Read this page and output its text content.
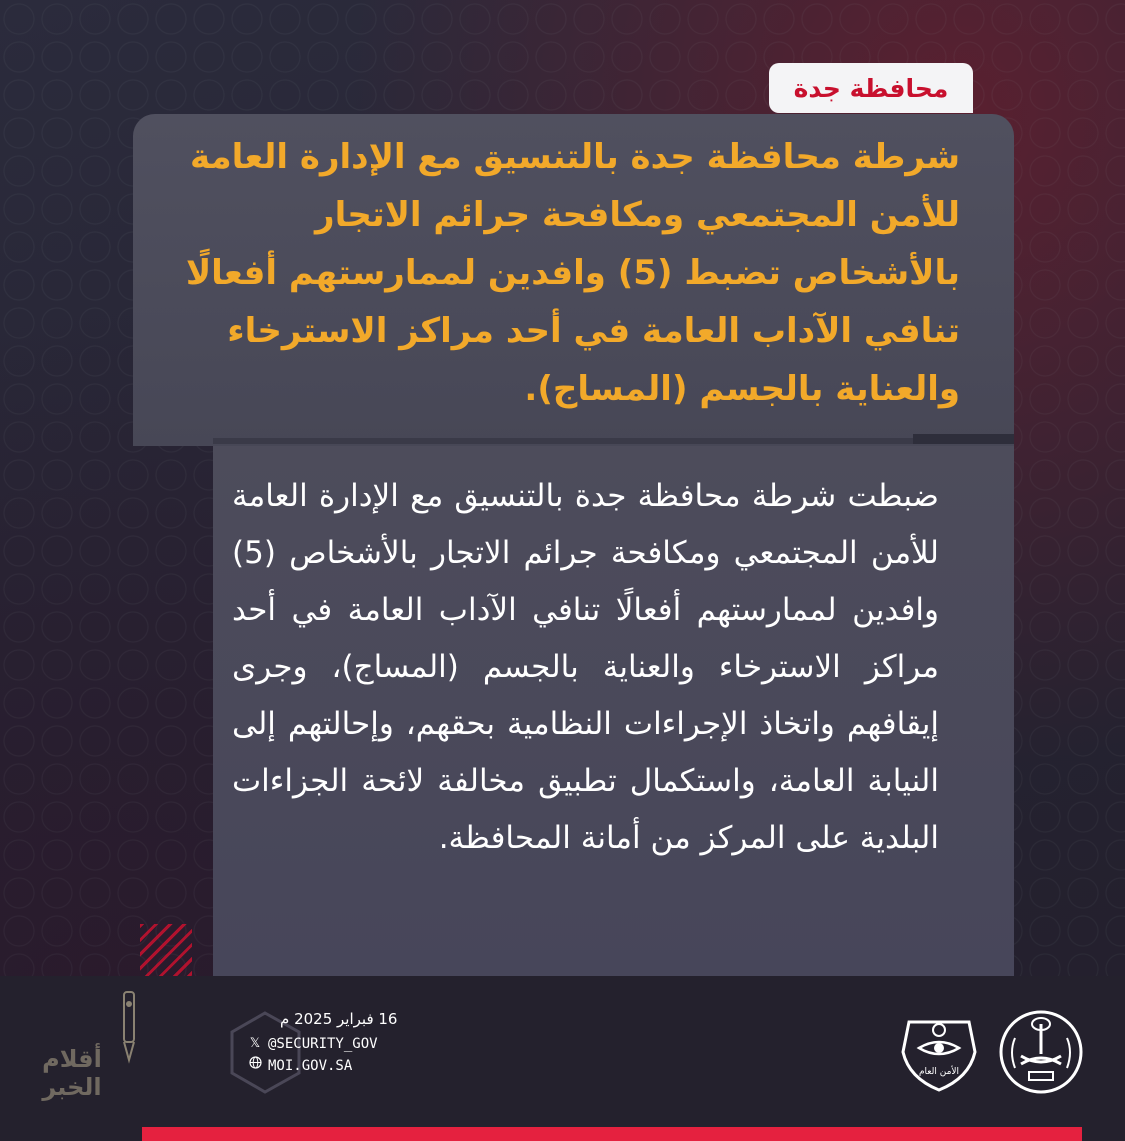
محافظة جدة
شرطة محافظة جدة بالتنسيق مع الإدارة العامة للأمن المجتمعي ومكافحة جرائم الاتجار بالأشخاص تضبط (5) وافدين لممارستهم أفعالًا تنافي الآداب العامة في أحد مراكز الاسترخاء والعناية بالجسم (المساج).
ضبطت شرطة محافظة جدة بالتنسيق مع الإدارة العامة للأمن المجتمعي ومكافحة جرائم الاتجار بالأشخاص (5) وافدين لممارستهم أفعالًا تنافي الآداب العامة في أحد مراكز الاسترخاء والعناية بالجسم (المساج)، وجرى إيقافهم واتخاذ الإجراءات النظامية بحقهم، وإحالتهم إلى النيابة العامة، واستكمال تطبيق مخالفة لائحة الجزاءات البلدية على المركز من أمانة المحافظة.
16 فبراير 2025 م
𝕏 @SECURITY_GOV
MOI.GOV.SA	الأمن العام
أقلام الخبر
